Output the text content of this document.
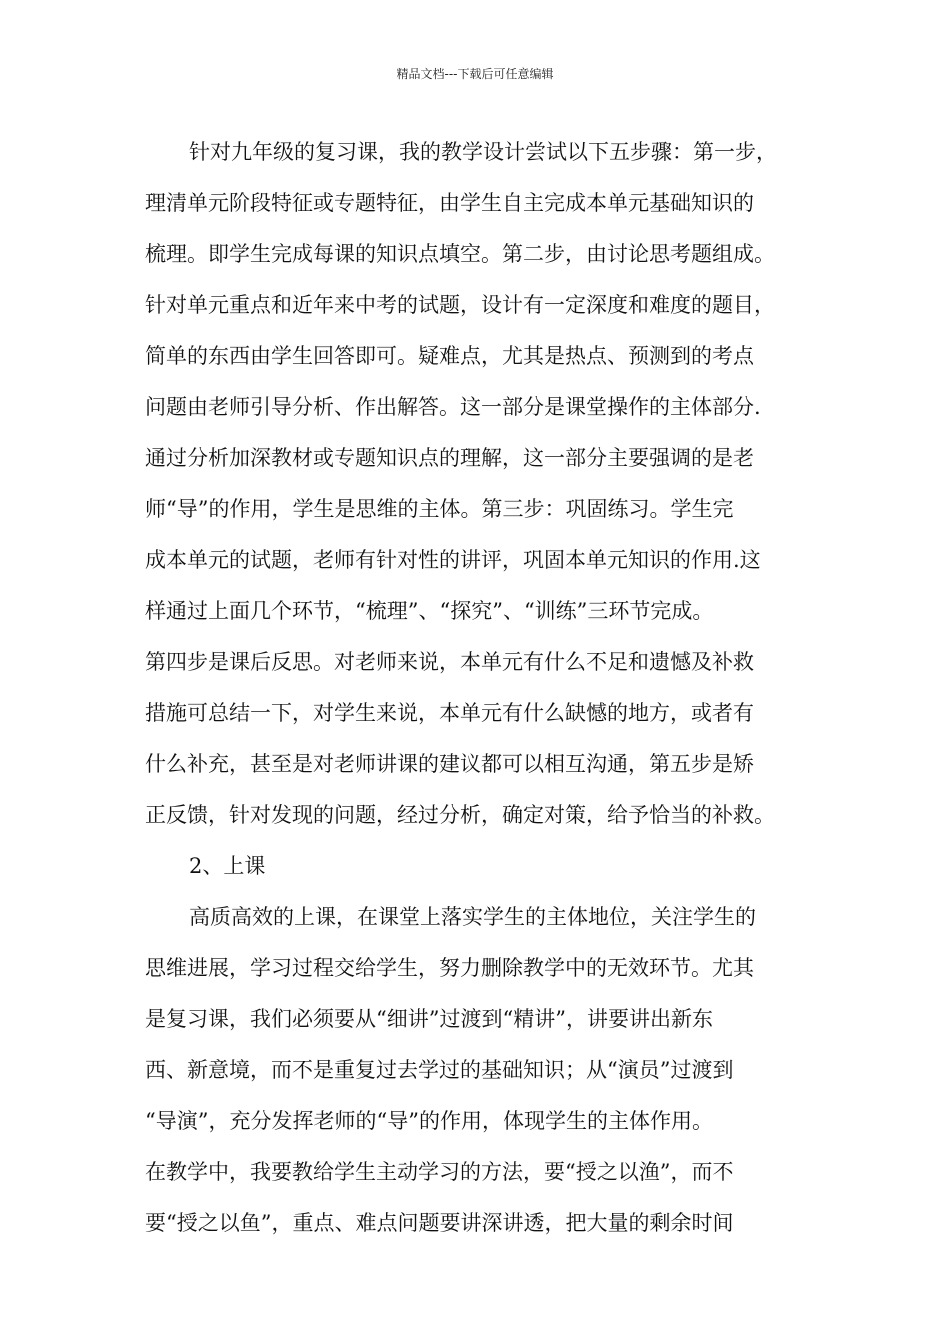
精品文档---下载后可任意编辑
针对九年级的复习课，我的教学设计尝试以下五步骤：第一步，
理清单元阶段特征或专题特征，由学生自主完成本单元基础知识的
梳理。即学生完成每课的知识点填空。第二步，由讨论思考题组成。
针对单元重点和近年来中考的试题，设计有一定深度和难度的题目，
简单的东西由学生回答即可。疑难点，尤其是热点、预测到的考点
问题由老师引导分析、作出解答。这一部分是课堂操作的主体部分.
通过分析加深教材或专题知识点的理解，这一部分主要强调的是老
师“导”的作用，学生是思维的主体。第三步：巩固练习。学生完
成本单元的试题，老师有针对性的讲评，巩固本单元知识的作用.这
样通过上面几个环节，“梳理”、“探究”、“训练”三环节完成。
第四步是课后反思。对老师来说，本单元有什么不足和遗憾及补救
措施可总结一下，对学生来说，本单元有什么缺憾的地方，或者有
什么补充，甚至是对老师讲课的建议都可以相互沟通，第五步是矫
正反馈，针对发现的问题，经过分析，确定对策，给予恰当的补救。
2、上课
高质高效的上课，在课堂上落实学生的主体地位，关注学生的
思维进展，学习过程交给学生，努力删除教学中的无效环节。尤其
是复习课，我们必须要从“细讲”过渡到“精讲”，讲要讲出新东
西、新意境，而不是重复过去学过的基础知识；从“演员”过渡到
“导演”，充分发挥老师的“导”的作用，体现学生的主体作用。
在教学中，我要教给学生主动学习的方法，要“授之以渔”，而不
要“授之以鱼”，重点、难点问题要讲深讲透，把大量的剩余时间
